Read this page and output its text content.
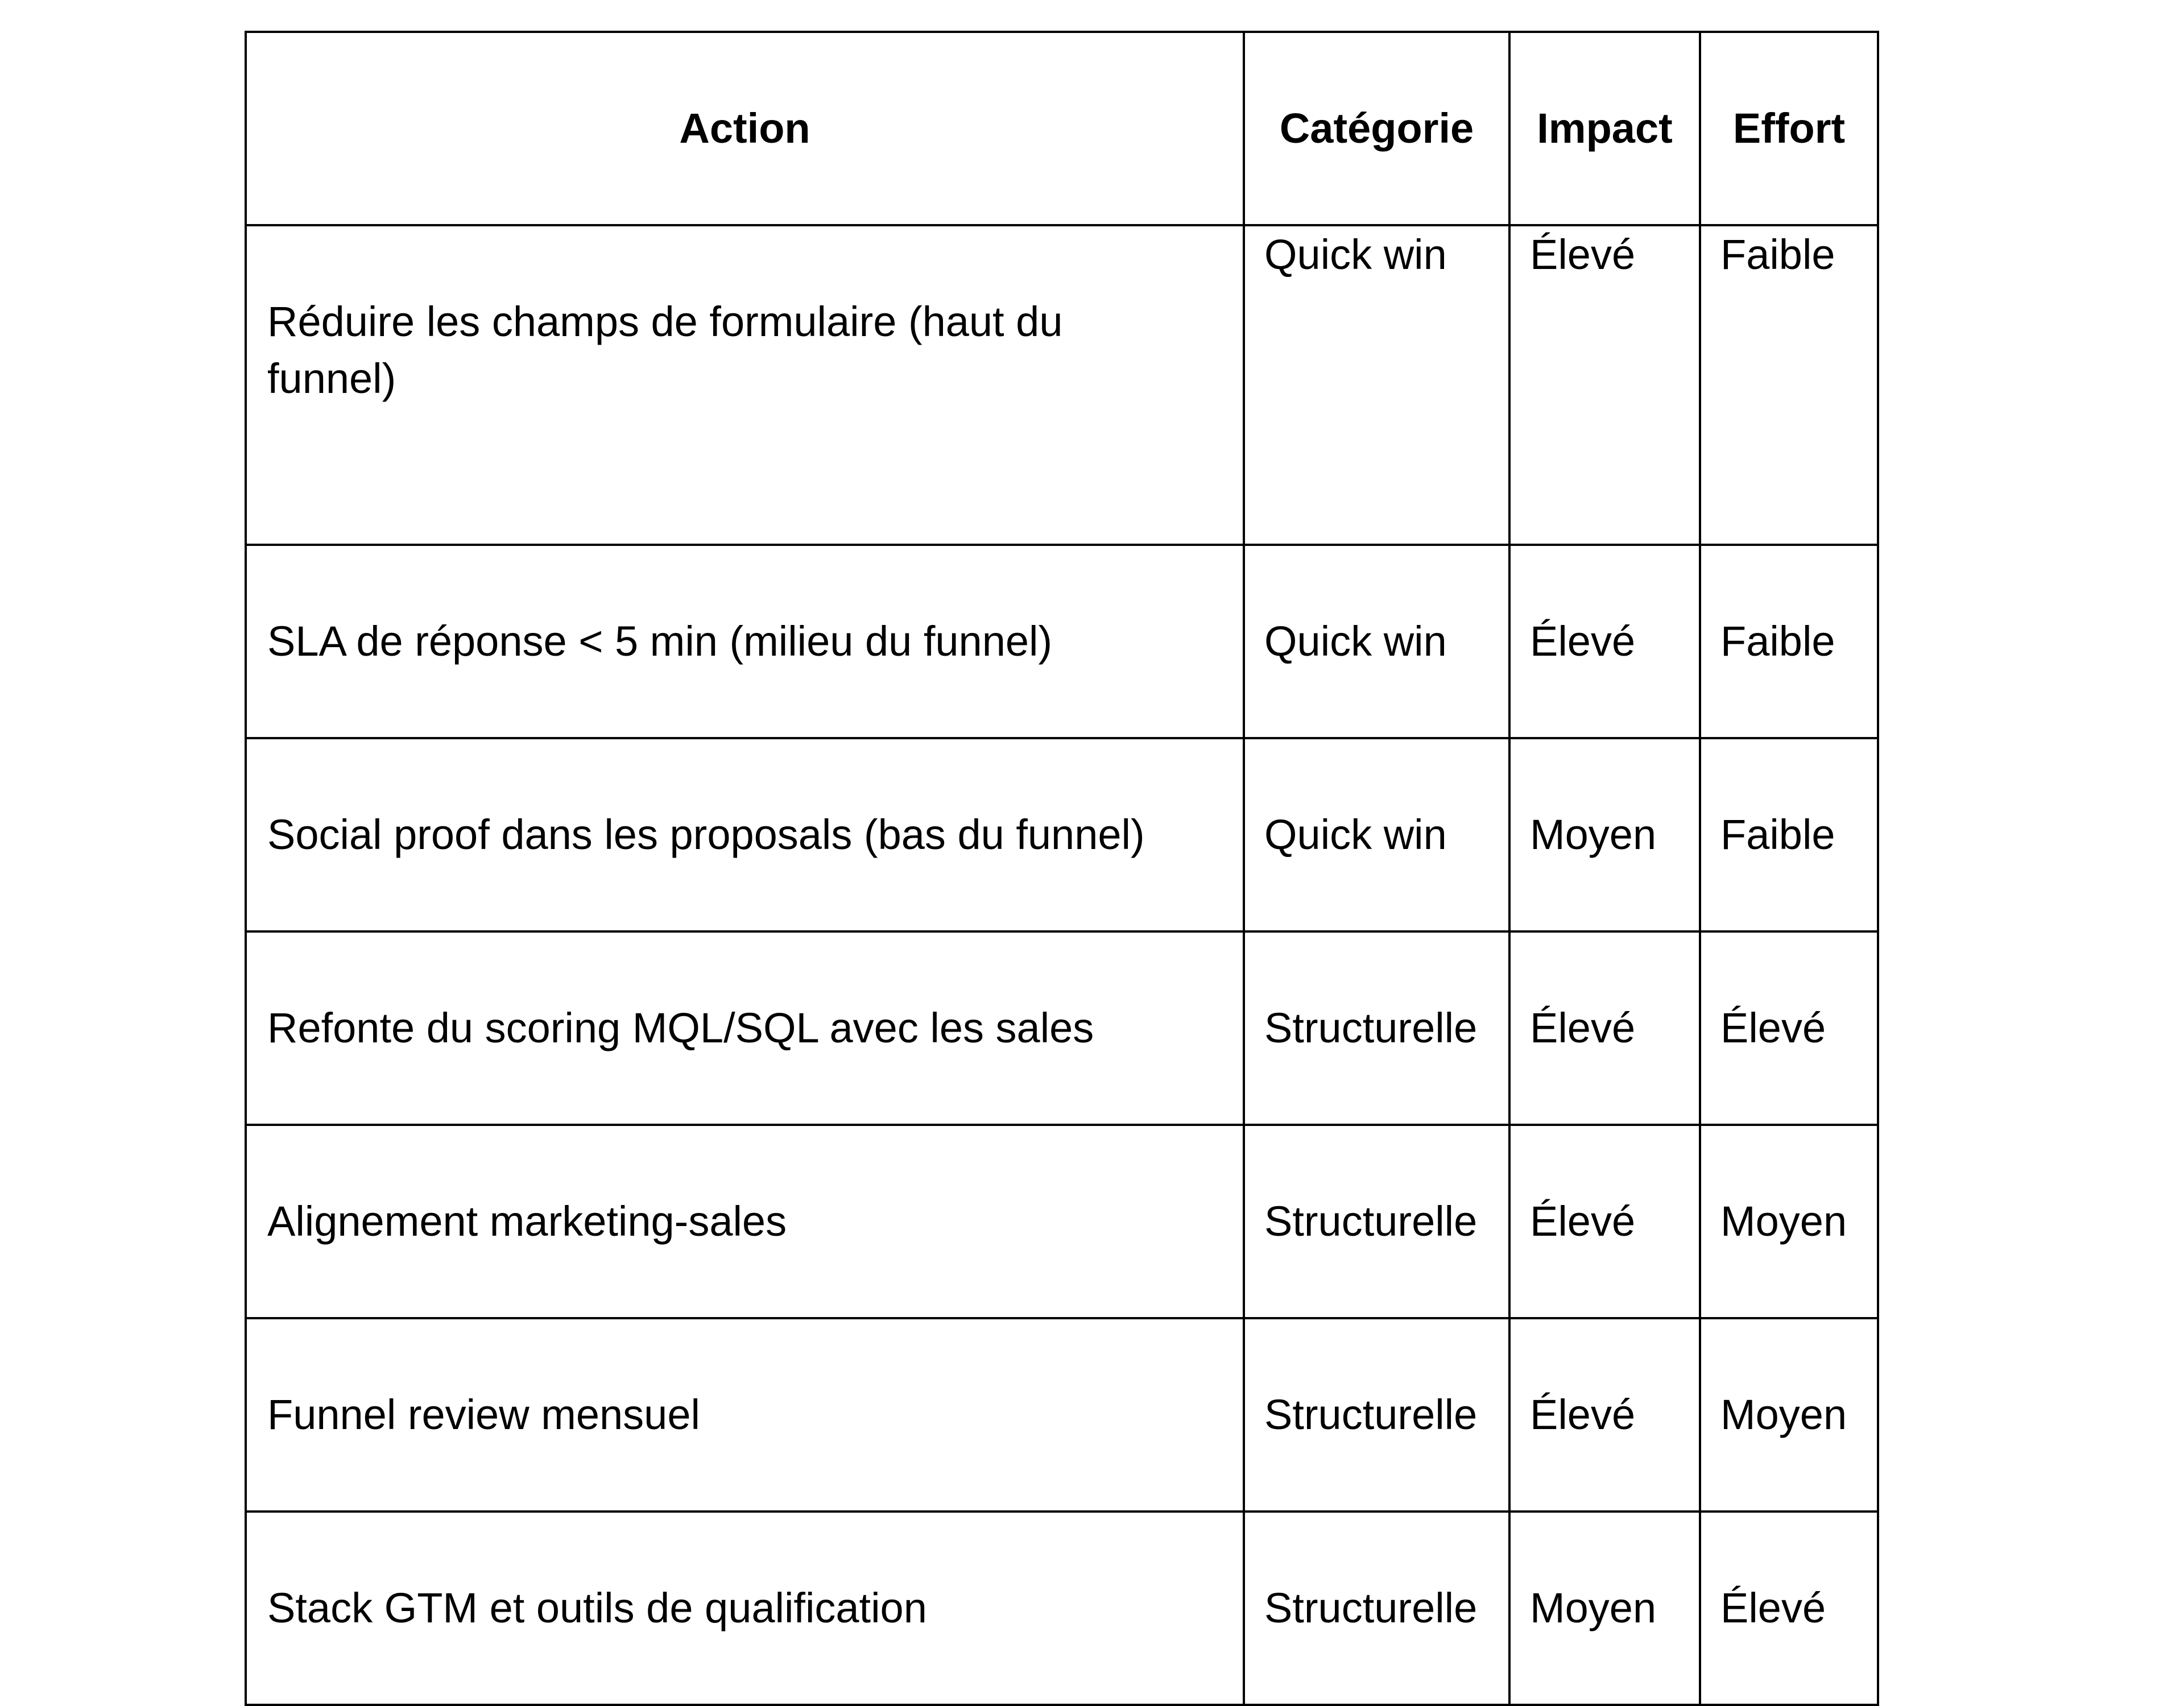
Action	Catégorie	Impact	Effort
Réduire les champs de formulaire (haut du funnel)	Quick win	Élevé	Faible
SLA de réponse < 5 min (milieu du funnel)	Quick win	Élevé	Faible
Social proof dans les proposals (bas du funnel)	Quick win	Moyen	Faible
Refonte du scoring MQL/SQL avec les sales	Structurelle	Élevé	Élevé
Alignement marketing-sales	Structurelle	Élevé	Moyen
Funnel review mensuel	Structurelle	Élevé	Moyen
Stack GTM et outils de qualification	Structurelle	Moyen	Élevé
